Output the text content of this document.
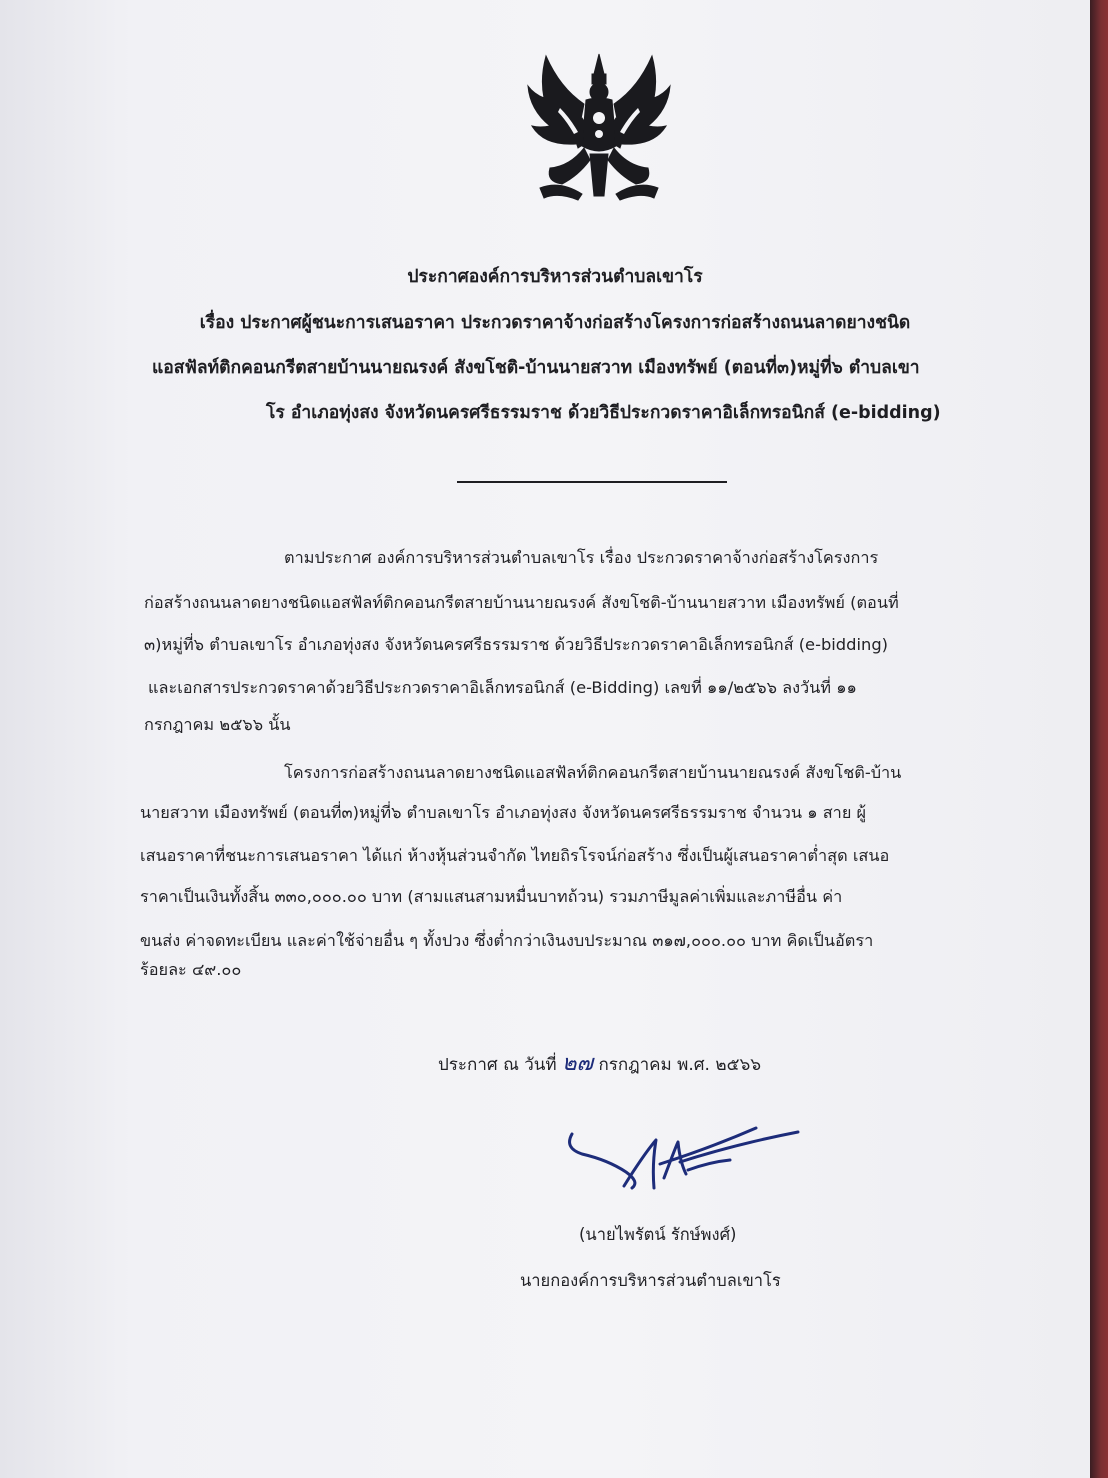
ประกาศองค์การบริหารส่วนตำบลเขาโร
เรื่อง ประกาศผู้ชนะการเสนอราคา ประกวดราคาจ้างก่อสร้างโครงการก่อสร้างถนนลาดยางชนิด
แอสฟัลท์ติกคอนกรีตสายบ้านนายณรงค์ สังขโชติ-บ้านนายสวาท เมืองทรัพย์ (ตอนที่๓)หมู่ที่๖ ตำบลเขา
โร อำเภอทุ่งสง จังหวัดนครศรีธรรมราช ด้วยวิธีประกวดราคาอิเล็กทรอนิกส์ (e-bidding)
ตามประกาศ องค์การบริหารส่วนตำบลเขาโร เรื่อง ประกวดราคาจ้างก่อสร้างโครงการ
ก่อสร้างถนนลาดยางชนิดแอสฟัลท์ติกคอนกรีตสายบ้านนายณรงค์ สังขโชติ-บ้านนายสวาท เมืองทรัพย์ (ตอนที่
๓)หมู่ที่๖ ตำบลเขาโร อำเภอทุ่งสง จังหวัดนครศรีธรรมราช ด้วยวิธีประกวดราคาอิเล็กทรอนิกส์ (e-bidding)
และเอกสารประกวดราคาด้วยวิธีประกวดราคาอิเล็กทรอนิกส์ (e-Bidding) เลขที่ ๑๑/๒๕๖๖ ลงวันที่ ๑๑
กรกฎาคม ๒๕๖๖ นั้น
โครงการก่อสร้างถนนลาดยางชนิดแอสฟัลท์ติกคอนกรีตสายบ้านนายณรงค์ สังขโชติ-บ้าน
นายสวาท เมืองทรัพย์ (ตอนที่๓)หมู่ที่๖ ตำบลเขาโร อำเภอทุ่งสง จังหวัดนครศรีธรรมราช จำนวน ๑ สาย ผู้
เสนอราคาที่ชนะการเสนอราคา ได้แก่ ห้างหุ้นส่วนจำกัด ไทยถิรโรจน์ก่อสร้าง ซึ่งเป็นผู้เสนอราคาต่ำสุด เสนอ
ราคาเป็นเงินทั้งสิ้น ๓๓๐,๐๐๐.๐๐ บาท (สามแสนสามหมื่นบาทถ้วน) รวมภาษีมูลค่าเพิ่มและภาษีอื่น ค่า
ขนส่ง ค่าจดทะเบียน และค่าใช้จ่ายอื่น ๆ ทั้งปวง ซึ่งต่ำกว่าเงินงบประมาณ ๓๑๗,๐๐๐.๐๐ บาท คิดเป็นอัตรา
ร้อยละ ๔๙.๐๐
ประกาศ ณ วันที่ ๒๗ กรกฎาคม พ.ศ. ๒๕๖๖
(นายไพรัตน์ รักษ์พงศ์)
นายกองค์การบริหารส่วนตำบลเขาโร
